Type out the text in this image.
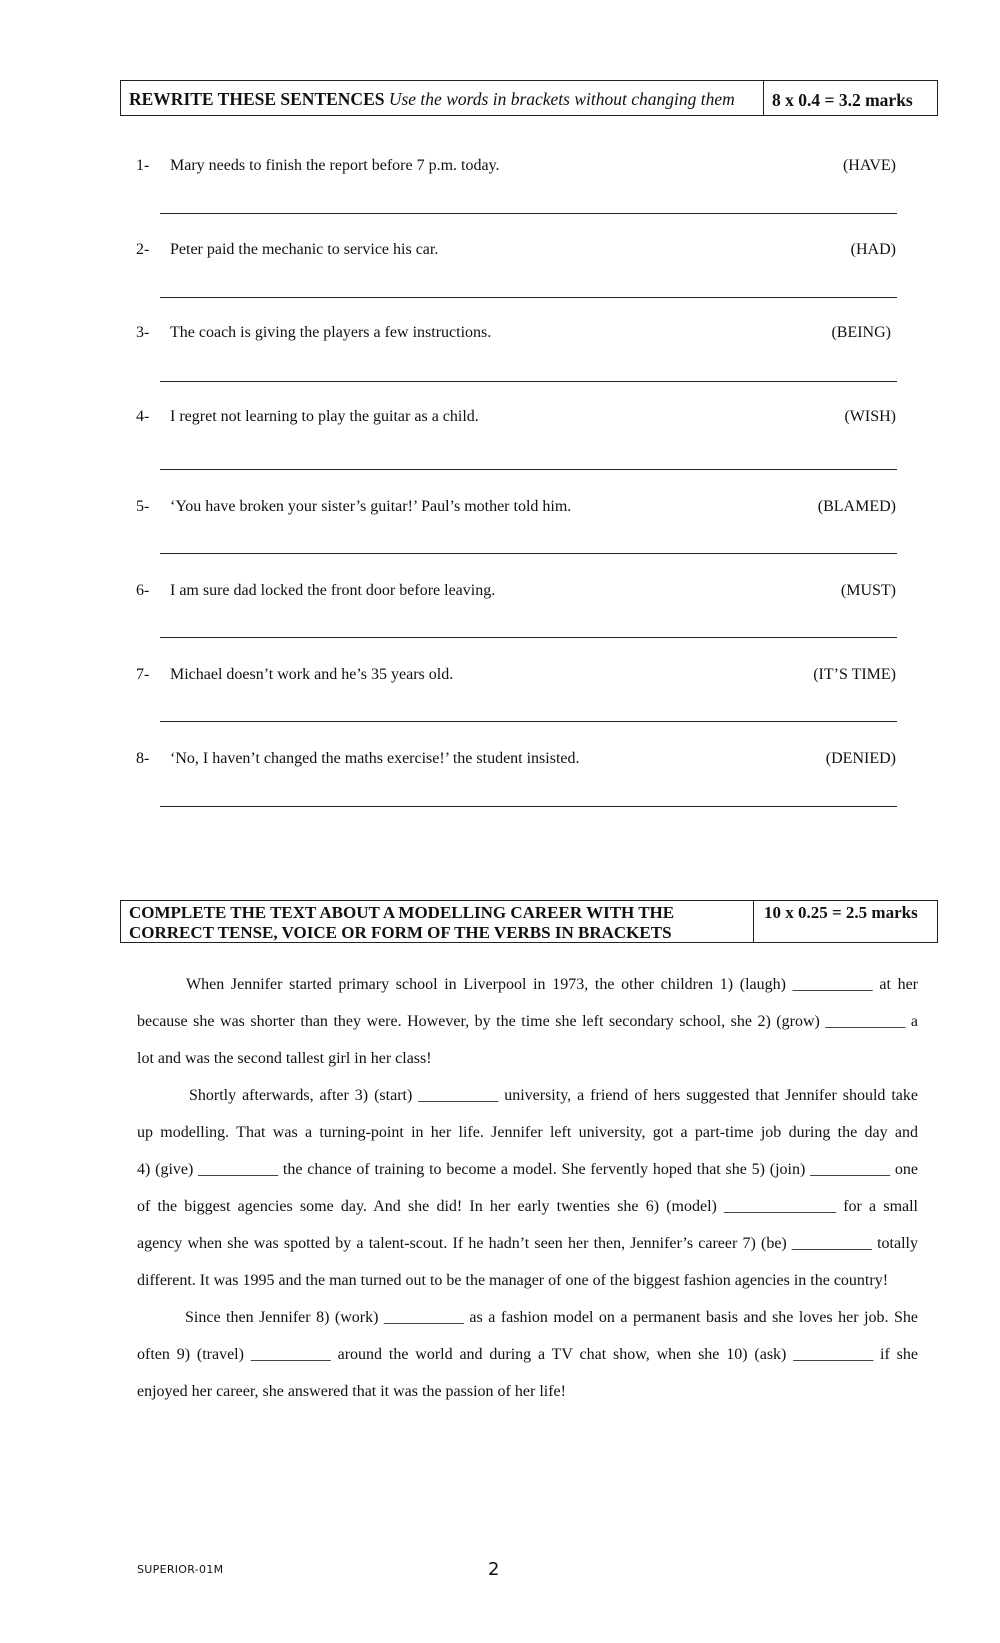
REWRITE THESE SENTENCES Use the words in brackets without changing them	8 x 0.4 = 3.2 marks
1- Mary needs to finish the report before 7 p.m. today.	(HAVE)
2- Peter paid the mechanic to service his car.	(HAD)
3- The coach is giving the players a few instructions.	(BEING)
4- I regret not learning to play the guitar as a child.	(WISH)
5- ‘You have broken your sister’s guitar!’ Paul’s mother told him.	(BLAMED)
6- I am sure dad locked the front door before leaving.	(MUST)
7- Michael doesn’t work and he’s 35 years old.	(IT’S TIME)
8- ‘No, I haven’t changed the maths exercise!’ the student insisted.	(DENIED)
COMPLETE THE TEXT ABOUT A MODELLING CAREER WITH THE
CORRECT TENSE, VOICE OR FORM OF THE VERBS IN BRACKETS
10 x 0.25 = 2.5 marks
When Jennifer started primary school in Liverpool in 1973, the other children 1) (laugh) __________ at her
because she was shorter than they were. However, by the time she left secondary school, she 2) (grow) __________ a
lot and was the second tallest girl in her class!
Shortly afterwards, after 3) (start) __________ university, a friend of hers suggested that Jennifer should take
up modelling. That was a turning-point in her life. Jennifer left university, got a part-time job during the day and
4) (give) __________ the chance of training to become a model. She fervently hoped that she 5) (join) __________ one
of the biggest agencies some day. And she did! In her early twenties she 6) (model) ______________ for a small
agency when she was spotted by a talent-scout. If he hadn’t seen her then, Jennifer’s career 7) (be) __________ totally
different. It was 1995 and the man turned out to be the manager of one of the biggest fashion agencies in the country!
Since then Jennifer 8) (work) __________ as a fashion model on a permanent basis and she loves her job. She
often 9) (travel) __________ around the world and during a TV chat show, when she 10) (ask) __________ if she
enjoyed her career, she answered that it was the passion of her life!
SUPERIOR-01M	2
